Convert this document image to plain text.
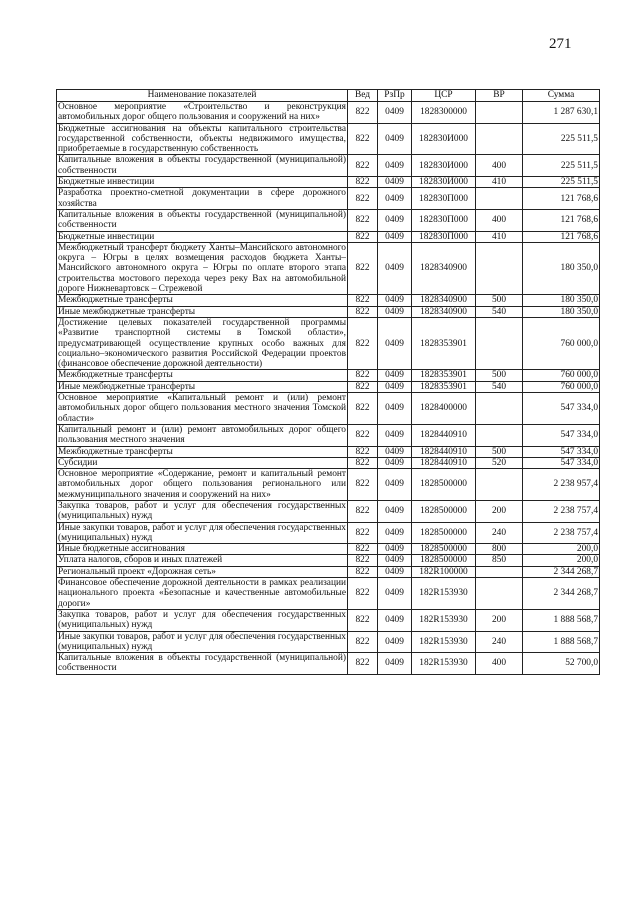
271
Наименование показателей	Вед	РзПр	ЦСР	ВР	Сумма
Основное мероприятие «Строительство и реконструкция автомобильных дорог общего пользования и сооружений на них»	822	0409	1828300000		1 287 630,1
Бюджетные ассигнования на объекты капитального строительства государственной собственности, объекты недвижимого имущества, приобретаемые в государственную собственность	822	0409	182830И000		225 511,5
Капитальные вложения в объекты государственной (муниципальной) собственности	822	0409	182830И000	400	225 511,5
Бюджетные инвестиции	822	0409	182830И000	410	225 511,5
Разработка проектно-сметной документации в сфере дорожного хозяйства	822	0409	182830П000		121 768,6
Капитальные вложения в объекты государственной (муниципальной) собственности	822	0409	182830П000	400	121 768,6
Бюджетные инвестиции	822	0409	182830П000	410	121 768,6
Межбюджетный трансферт бюджету Ханты–Мансийского автономного округа – Югры в целях возмещения расходов бюджета Ханты–Мансийского автономного округа – Югры по оплате второго этапа строительства мостового перехода через реку Вах на автомобильной дороге Нижневартовск – Стрежевой	822	0409	1828340900		180 350,0
Межбюджетные трансферты	822	0409	1828340900	500	180 350,0
Иные межбюджетные трансферты	822	0409	1828340900	540	180 350,0
Достижение целевых показателей государственной программы «Развитие транспортной системы в Томской области», предусматривающей осуществление крупных особо важных для социально–экономического развития Российской Федерации проектов (финансовое обеспечение дорожной деятельности)	822	0409	1828353901		760 000,0
Межбюджетные трансферты	822	0409	1828353901	500	760 000,0
Иные межбюджетные трансферты	822	0409	1828353901	540	760 000,0
Основное мероприятие «Капитальный ремонт и (или) ремонт автомобильных дорог общего пользования местного значения Томской области»	822	0409	1828400000		547 334,0
Капитальный ремонт и (или) ремонт автомобильных дорог общего пользования местного значения	822	0409	1828440910		547 334,0
Межбюджетные трансферты	822	0409	1828440910	500	547 334,0
Субсидии	822	0409	1828440910	520	547 334,0
Основное мероприятие «Содержание, ремонт и капитальный ремонт автомобильных дорог общего пользования регионального или межмуниципального значения и сооружений на них»	822	0409	1828500000		2 238 957,4
Закупка товаров, работ и услуг для обеспечения государственных (муниципальных) нужд	822	0409	1828500000	200	2 238 757,4
Иные закупки товаров, работ и услуг для обеспечения государственных (муниципальных) нужд	822	0409	1828500000	240	2 238 757,4
Иные бюджетные ассигнования	822	0409	1828500000	800	200,0
Уплата налогов, сборов и иных платежей	822	0409	1828500000	850	200,0
Региональный проект «Дорожная сеть»	822	0409	182R100000		2 344 268,7
Финансовое обеспечение дорожной деятельности в рамках реализации национального проекта «Безопасные и качественные автомобильные дороги»	822	0409	182R153930		2 344 268,7
Закупка товаров, работ и услуг для обеспечения государственных (муниципальных) нужд	822	0409	182R153930	200	1 888 568,7
Иные закупки товаров, работ и услуг для обеспечения государственных (муниципальных) нужд	822	0409	182R153930	240	1 888 568,7
Капитальные вложения в объекты государственной (муниципальной) собственности	822	0409	182R153930	400	52 700,0
